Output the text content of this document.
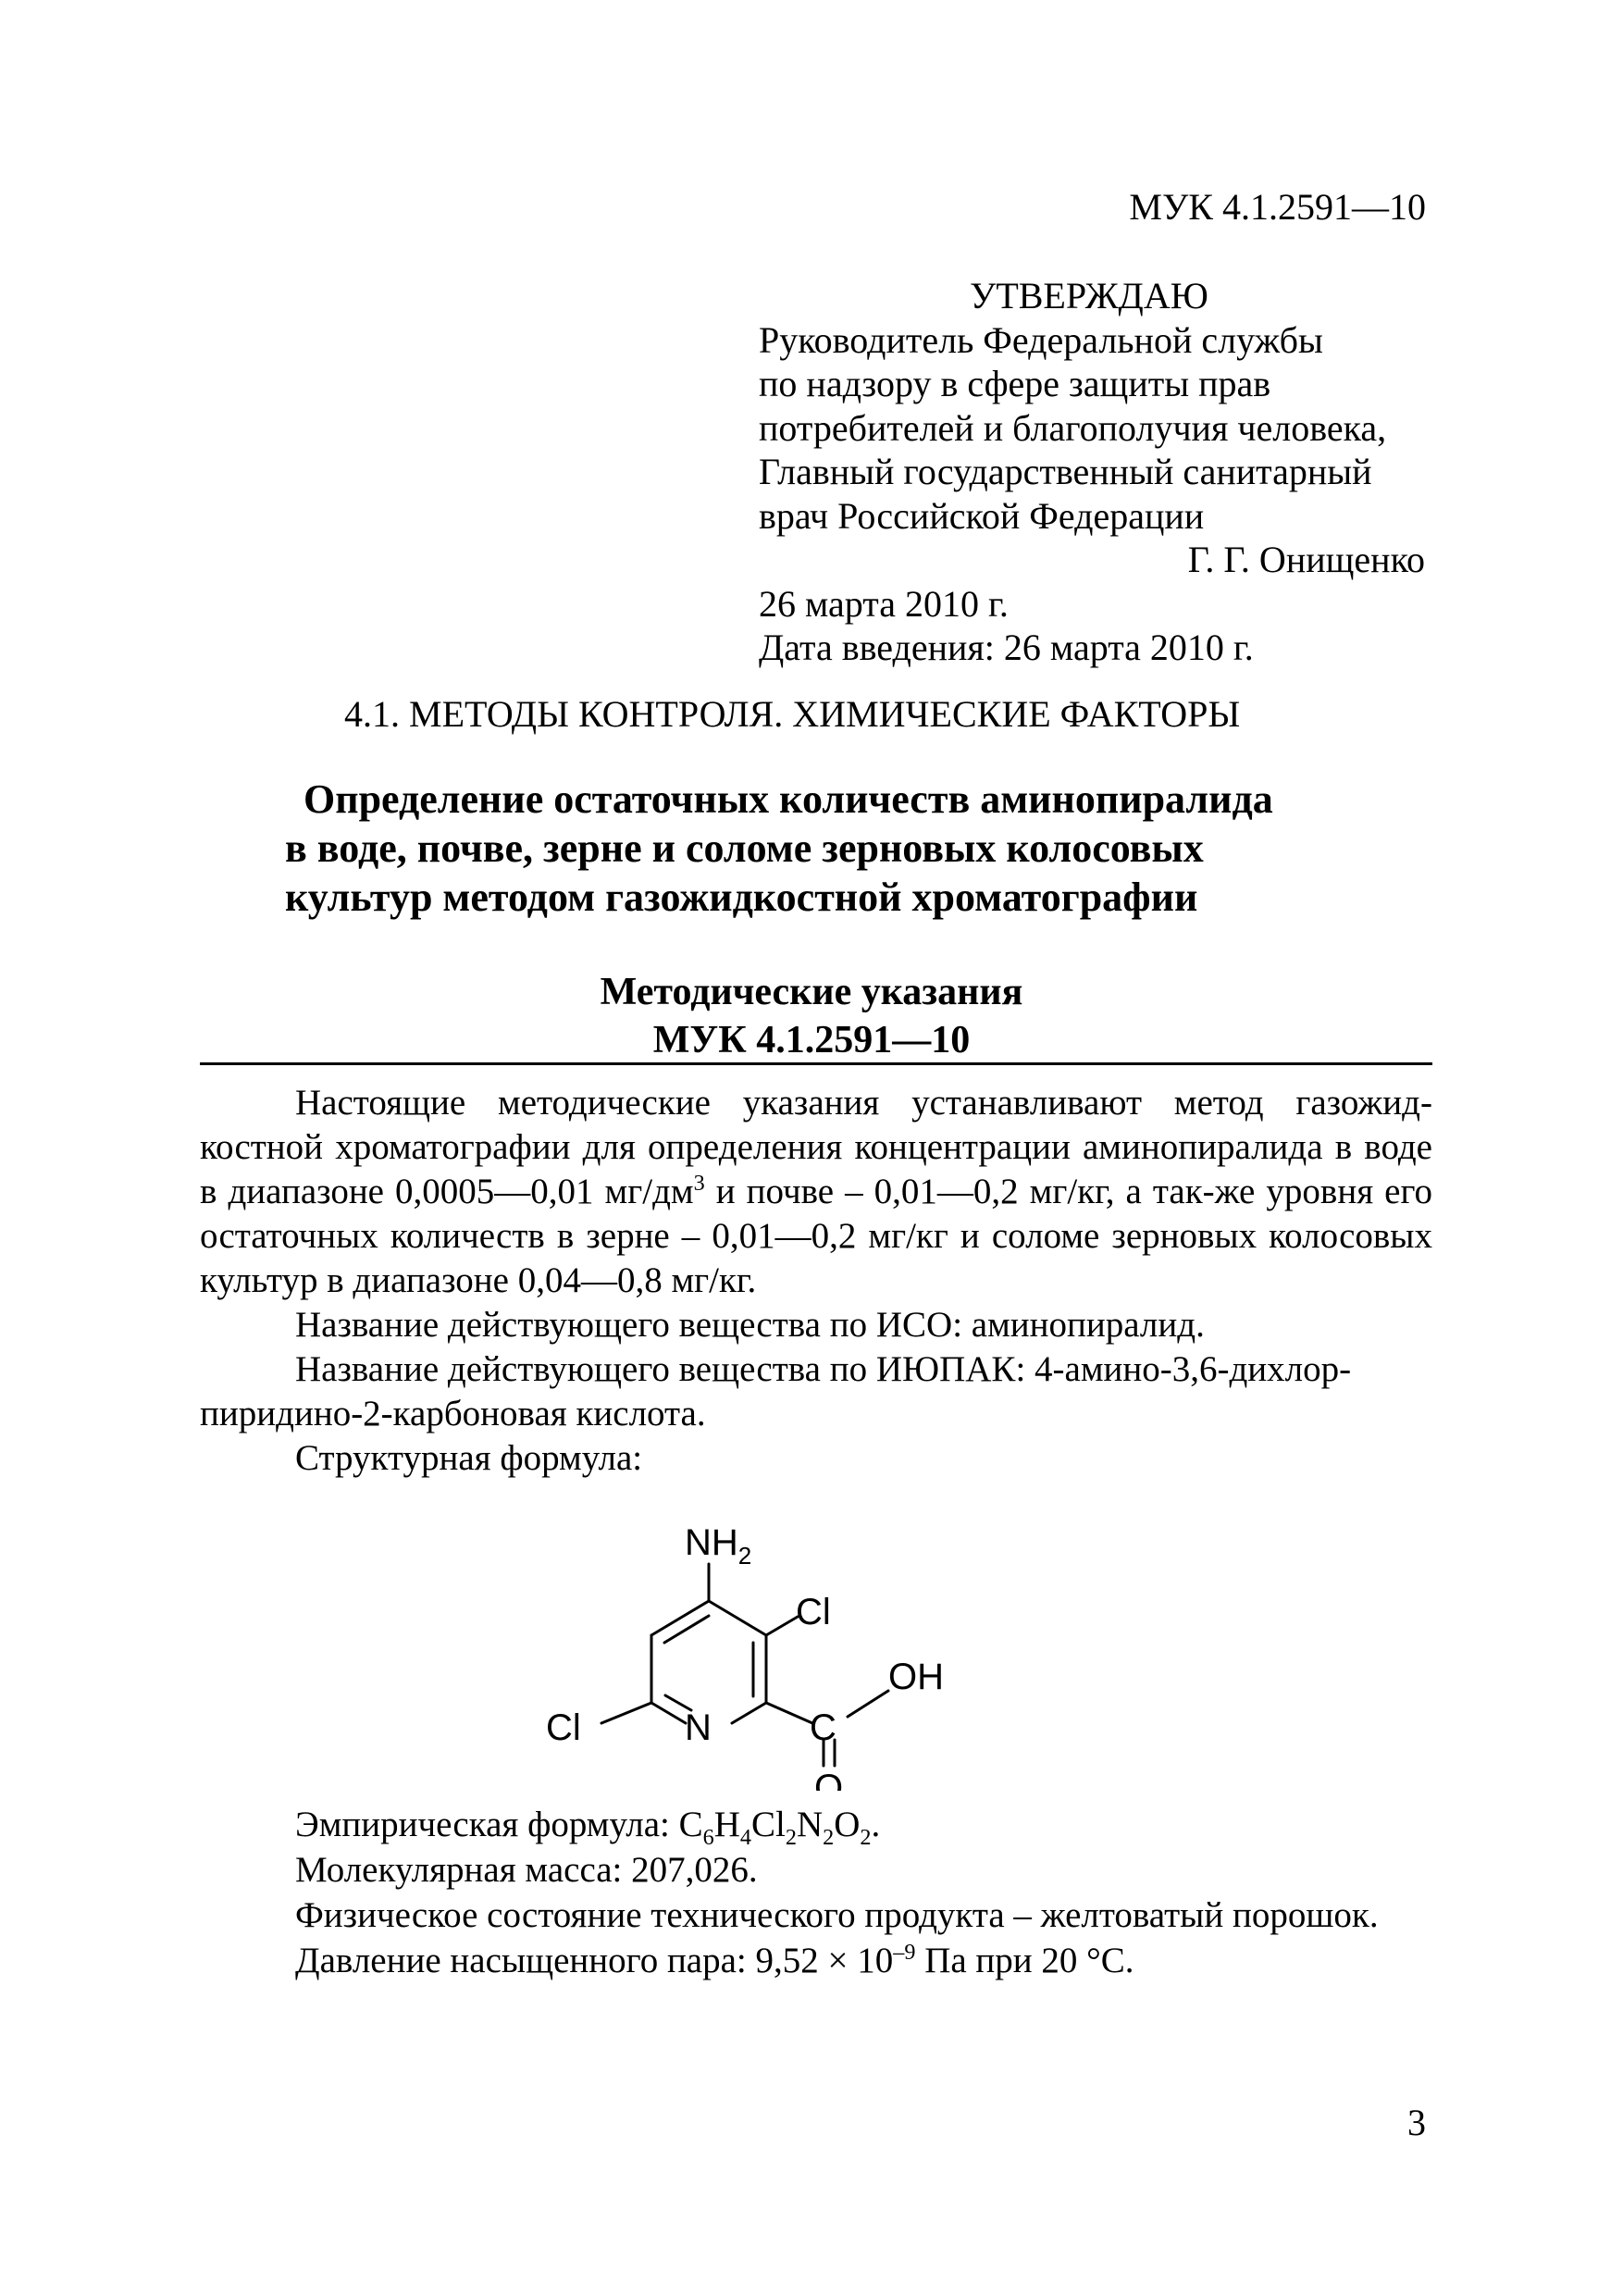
МУК 4.1.2591—10
УТВЕРЖДАЮ
Руководитель Федеральной службы
по надзору в сфере защиты прав
потребителей и благополучия человека,
Главный государственный санитарный
врач Российской Федерации
Г. Г. Онищенко
26 марта 2010 г.
Дата введения: 26 марта 2010 г.
4.1. МЕТОДЫ КОНТРОЛЯ. ХИМИЧЕСКИЕ ФАКТОРЫ
Определение остаточных количеств аминопиралида
в воде, почве, зерне и соломе зерновых колосовых
культур методом газожидкостной хроматографии
Методические указания
МУК 4.1.2591—10

Настоящие методические указания устанавливают метод газожид-костной хроматографии для определения концентрации аминопиралида в воде в диапазоне 0,0005—0,01 $мг/дм^3$ и почве – 0,01—0,2 мг/кг, а так-же уровня его остаточных количеств в зерне – 0,01—0,2 мг/кг и соломе зерновых колосовых культур в диапазоне 0,04—0,8 мг/кг.

Название действующего вещества по ИСО: аминопиралид.

Название действующего вещества по ИЮПАК: 4-амино-3,6-дихлор-

пиридино-2-карбоновая кислота.

Структурная формула:

$NH_2$
Cl
OH
N	C
Cl
O

Эмпирическая формула: $C_6H_4Cl_2N_2O_2$.

Молекулярная масса: 207,026.

Физическое состояние технического продукта – желтоватый порошок.

Давление насыщенного пара: $9,52 \times 10^{-9}$ Па при 20 °С.

3
